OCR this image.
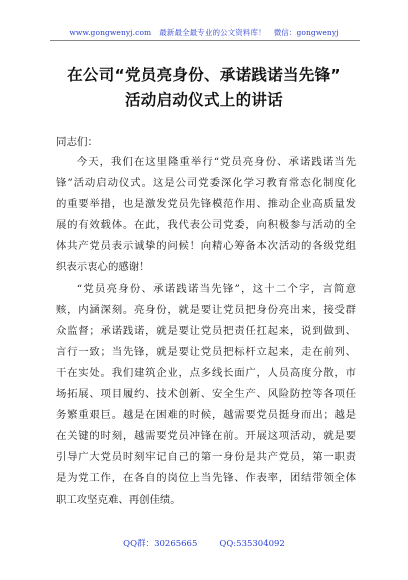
www.gongwenyj.com 最新最全最专业的公文资料库！ 微信：gongwenyj
在公司“党员亮身份、承诺践诺当先锋”
活动启动仪式上的讲话
同志们：
今天，我们在这里隆重举行“党员亮身份、承诺践诺当先
锋”活动启动仪式。这是公司党委深化学习教育常态化制度化
的重要举措，也是激发党员先锋模范作用、推动企业高质量发
展的有效载体。在此，我代表公司党委，向积极参与活动的全
体共产党员表示诚挚的问候！向精心筹备本次活动的各级党组
织表示衷心的感谢！
“党员亮身份、承诺践诺当先锋”，这十二个字，言简意
赅，内涵深刻。亮身份，就是要让党员把身份亮出来，接受群
众监督；承诺践诺，就是要让党员把责任扛起来，说到做到、
言行一致；当先锋，就是要让党员把标杆立起来，走在前列、
干在实处。我们建筑企业，点多线长面广，人员高度分散，市
场拓展、项目履约、技术创新、安全生产、风险防控等各项任
务繁重艰巨。越是在困难的时候，越需要党员挺身而出；越是
在关键的时刻，越需要党员冲锋在前。开展这项活动，就是要
引导广大党员时刻牢记自己的第一身份是共产党员，第一职责
是为党工作，在各自的岗位上当先锋、作表率，团结带领全体
职工攻坚克难、再创佳绩。
QQ群：30265665	QQ:535304092
